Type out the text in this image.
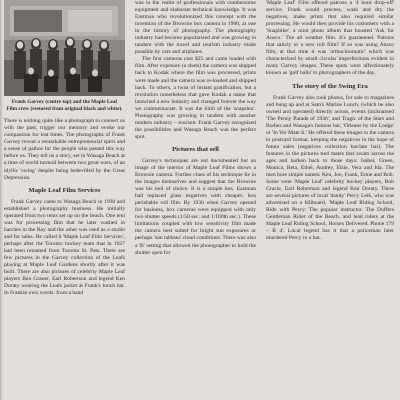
Frank Garvey (centre top) and the Maple Leaf Film crew (restored from original black and white).

There is nothing quite like a photograph to connect us with the past, trigger our memory and evoke our compassion for lost times. The photographs of Frank Garvey reveal a remarkable entrepreneurial spirit and a sense of pathos for the people who passed this way before us. They tell us a story, set in Wasaga Beach at a time of world turmoil between two great wars, of an idyllic 'swing' despite being bedevilled by the Great Depression.

Maple Leaf Film Services

Frank Garvey came to Wasaga Beach in 1930 and established a photography business. He initially operated from two tents set up on the beach. One tent was for processing film that he later washed in batches in the Bay and the other was used as a studio and for sales. He called it 'Maple Leaf Film Services', perhaps after the Toronto hockey team that in 1927 had been renamed from Toronto St. Pats. There are few pictures in the Garvey collection of the Leafs playing at Maple Leaf Gardens shortly after it was built. There are also pictures of celebrity Maple Leaf players Ben Grauer, Earl Robertson and legend Ken Doraty wearing the Leafs jacket at Frank's lunch bar. In Frankie own words: from a band

was in the realm of professionals with cumbersome equipment and elaborate technical knowledge. It was Eastman who revolutionized this concept with the invention of the Brownie box camera in 1900, at one in the history of photography. The photography industry had become popularized and was growing in tandem with the travel and tourism industry made possible by cars and airplanes.

The first cameras cost $25 and came loaded with film. After exposure (a shots) the camera was shipped back to Kodak where the film was processed, prints were made and the camera was re-loaded and shipped back. To others, a twist of instant gratification, but a revolution nonetheless that gave Kodak a name that launched a new industry and changed forever the way we commemorate. It was the birth of the 'snapshot'. Photography was growing in tandem with another modern industry – tourism. Frank Garvey recognized the possibilities and Wasaga Beach was the perfect spot.

Pictures that sell

Garvey's techniques are not documented but an image of the interior of Maple Leaf Films shows a Brownie camera. Further clues of his technique lie in the images themselves and suggest that the Brownie was his tool of choice. It is a simple box. Eastman had replaced glass negatives with cheaper, less perishable roll film. By 1930 when Garvey opened for business, box cameras were equipped with only two shutter speeds (1/50 sec. and 1/100th sec.). These limitations coupled with low sensitivity film made the camera best suited for bright sun exposures or perhaps 'sun tableau' cloud conditions. There was also a 'B' setting that allowed the photographer to hold the shutter open for

'Maple Leaf' Film offered patrons a '4 hour drop-off' service. Frank would process, wash and dry the negatives, make prints that also required similar processing. He would then provide his customers with a 'Snapbike', a mini photo album that boasted 'Ask for Ansco.' The all weather film. It's guaranteed. Patrons that saliciy or a new roll film? If so was using Ansco film, at that time it was 'orthochromatic' which was characterized by small circular imperfections evident in many Garvey images. These spots were affectionately known as 'golf balls' to photographers of the day.

The story of the Swing Era

Frank Garvey also took photos, for sale to magazines and hung up and at Sam's Marine Lunch, (which he also owned and operated) directly across, events (nicknamed 'The Penny Parade of 1936', and Tragic of the Stars and Bodies and Wasaga's famous bar, 'Orleans by the Lodge' or 'In Yer Mate It.' He offered these images to the camera to postcard format, keeping the negatives in the hope of future sales (negatives collection bar/late bar). The features in the pictures tied mates that swam across the ages and harken back to those days: Isabel, Green, Monica, Reta, Ethel, Audrey, Elsie, Vera and Ida. The men bore simple names: Ken, Joe, Frank, Ernie and Bob. Some were 'Maple Leaf' celebrity hockey players, Bob Gracie, Earl Robertson and legend Ken Doraty. There are several pictures of local 'dandy' Percy Leik, who was advertised on a billboard, 'Maple Leaf Riding School, Ride with Percy: The popular instructor. The Duffers Gentleman Rider of the Beach, and lead riders at the Maple Leaf Riding School, Horses Delivered. Phone 179 – R 4'. Local legend has it that a policeman later murdered Percy in a bar.
